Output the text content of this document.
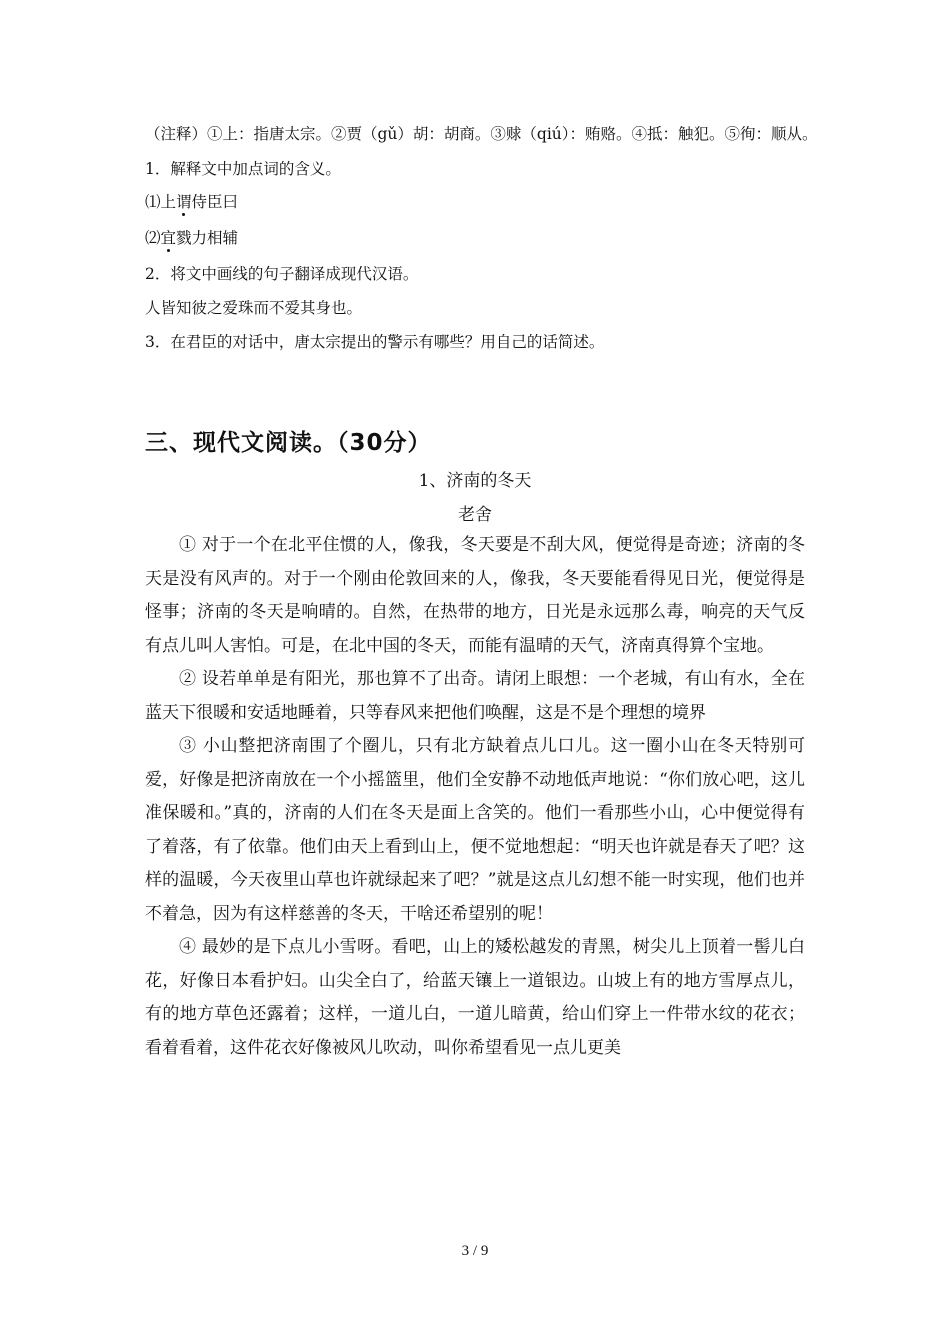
（注释）①上：指唐太宗。②贾（gǔ）胡：胡商。③赇（qiú）：贿赂。④抵：触犯。⑤徇：顺从。
1．解释文中加点词的含义。
⑴上谓侍臣曰
⑵宜戮力相辅
2．将文中画线的句子翻译成现代汉语。
人皆知彼之爱珠而不爱其身也。
3．在君臣的对话中，唐太宗提出的警示有哪些？用自己的话简述。
三、现代文阅读。（30分）
1、济南的冬天
老舍

① 对于一个在北平住惯的人，像我，冬天要是不刮大风，便觉得是奇迹；济南的冬天是没有风声的。对于一个刚由伦敦回来的人，像我，冬天要能看得见日光，便觉得是怪事；济南的冬天是响晴的。自然，在热带的地方，日光是永远那么毒，响亮的天气反有点儿叫人害怕。可是，在北中国的冬天，而能有温晴的天气，济南真得算个宝地。

② 设若单单是有阳光，那也算不了出奇。请闭上眼想：一个老城，有山有水，全在蓝天下很暖和安适地睡着，只等春风来把他们唤醒，这是不是个理想的境界

③ 小山整把济南围了个圈儿，只有北方缺着点儿口儿。这一圈小山在冬天特别可爱，好像是把济南放在一个小摇篮里，他们全安静不动地低声地说：“你们放心吧，这儿准保暖和。”真的，济南的人们在冬天是面上含笑的。他们一看那些小山，心中便觉得有了着落，有了依靠。他们由天上看到山上，便不觉地想起：“明天也许就是春天了吧？这样的温暖，今天夜里山草也许就绿起来了吧？”就是这点儿幻想不能一时实现，他们也并不着急，因为有这样慈善的冬天，干啥还希望别的呢！

④ 最妙的是下点儿小雪呀。看吧，山上的矮松越发的青黑，树尖儿上顶着一髻儿白花，好像日本看护妇。山尖全白了，给蓝天镶上一道银边。山坡上有的地方雪厚点儿，有的地方草色还露着；这样，一道儿白，一道儿暗黄，给山们穿上一件带水纹的花衣；看着看着，这件花衣好像被风儿吹动，叫你希望看见一点儿更美

3 / 9
